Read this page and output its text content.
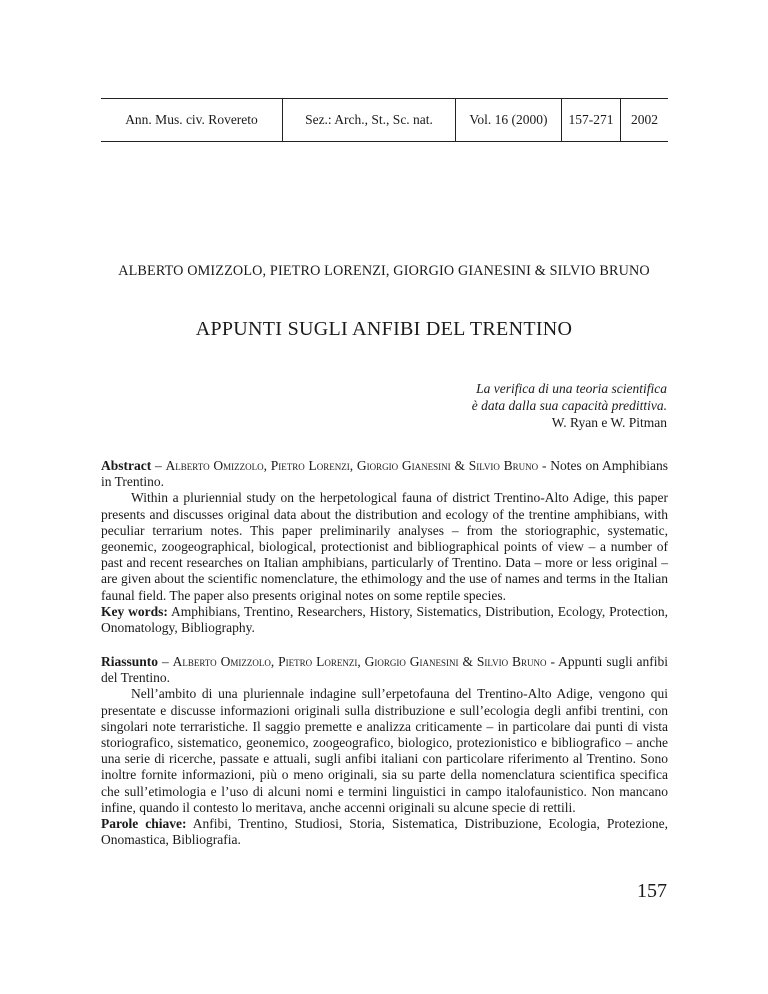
Ann. Mus. civ. Rovereto	Sez.: Arch., St., Sc. nat.	Vol. 16 (2000)	157-271	2002
ALBERTO OMIZZOLO, PIETRO LORENZI, GIORGIO GIANESINI & SILVIO BRUNO
APPUNTI SUGLI ANFIBI DEL TRENTINO
La verifica di una teoria scientifica
è data dalla sua capacità predittiva.
W. Ryan e W. Pitman

Abstract – Alberto Omizzolo, Pietro Lorenzi, Giorgio Gianesini & Silvio Bruno - Notes on Amphibians in Trentino.

Within a pluriennial study on the herpetological fauna of district Trentino-Alto Adige, this paper presents and discusses original data about the distribution and ecology of the trentine amphibians, with peculiar terrarium notes. This paper preliminarily analyses – from the storiographic, systematic, geonemic, zoogeographical, biological, protectionist and bibliographical points of view – a number of past and recent researches on Italian amphibians, particularly of Trentino. Data – more or less original – are given about the scientific nomenclature, the ethimology and the use of names and terms in the Italian faunal field. The paper also presents original notes on some reptile species.

Key words: Amphibians, Trentino, Researchers, History, Sistematics, Distribution, Ecology, Protection, Onomatology, Bibliography.

Riassunto – Alberto Omizzolo, Pietro Lorenzi, Giorgio Gianesini & Silvio Bruno - Appunti sugli anfibi del Trentino.

Nell’ambito di una pluriennale indagine sull’erpetofauna del Trentino-Alto Adige, vengono qui presentate e discusse informazioni originali sulla distribuzione e sull’ecologia degli anfibi trentini, con singolari note terraristiche. Il saggio premette e analizza criticamente – in particolare dai punti di vista storiografico, sistematico, geonemico, zoogeografico, biologico, protezionistico e bibliografico – anche una serie di ricerche, passate e attuali, sugli anfibi italiani con particolare riferimento al Trentino. Sono inoltre fornite informazioni, più o meno originali, sia su parte della nomenclatura scientifica specifica che sull’etimologia e l’uso di alcuni nomi e termini linguistici in campo italofaunistico. Non mancano infine, quando il contesto lo meritava, anche accenni originali su alcune specie di rettili.

Parole chiave: Anfibi, Trentino, Studiosi, Storia, Sistematica, Distribuzione, Ecologia, Protezione, Onomastica, Bibliografia.

157
